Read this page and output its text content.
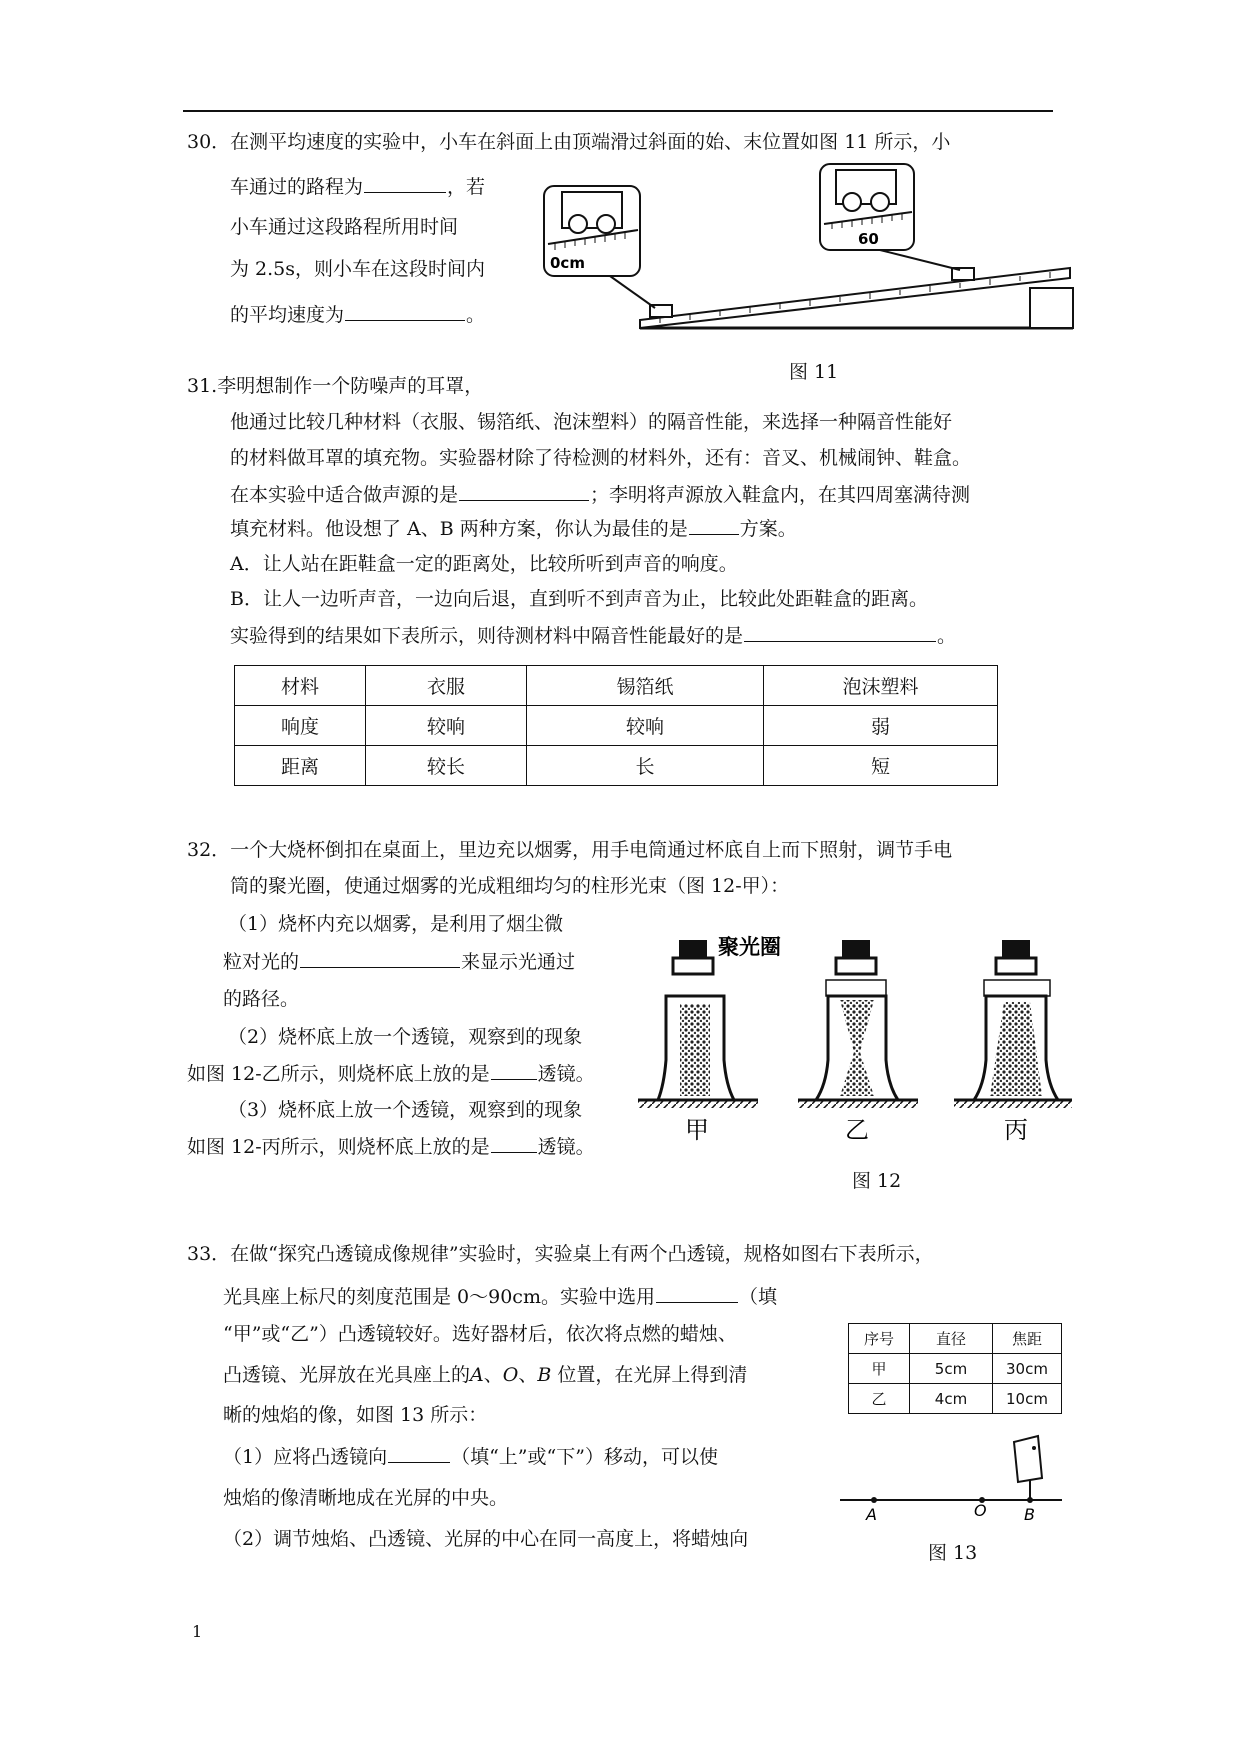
30．在测平均速度的实验中，小车在斜面上由顶端滑过斜面的始、末位置如图 11 所示，小
车通过的路程为	，若
小车通过这段路程所用时间
为 2.5s，则小车在这段时间内
的平均速度为	。
0cm
60
图 11
31.李明想制作一个防噪声的耳罩，
他通过比较几种材料（衣服、锡箔纸、泡沫塑料）的隔音性能，来选择一种隔音性能好
的材料做耳罩的填充物。实验器材除了待检测的材料外，还有：音叉、机械闹钟、鞋盒。
在本实验中适合做声源的是	；李明将声源放入鞋盒内，在其四周塞满待测
填充材料。他设想了 A、B 两种方案，你认为最佳的是	方案。
A．让人站在距鞋盒一定的距离处，比较所听到声音的响度。
B．让人一边听声音，一边向后退，直到听不到声音为止，比较此处距鞋盒的距离。
实验得到的结果如下表所示，则待测材料中隔音性能最好的是	。
材料	衣服	锡箔纸	泡沫塑料
响度	较响	较响	弱
距离	较长	长	短
32．一个大烧杯倒扣在桌面上，里边充以烟雾，用手电筒通过杯底自上而下照射，调节手电
筒的聚光圈，使通过烟雾的光成粗细均匀的柱形光束（图 12-甲）：
（1）烧杯内充以烟雾，是利用了烟尘微
粒对光的	来显示光通过
的路径。
（2）烧杯底上放一个透镜，观察到的现象
如图 12-乙所示，则烧杯底上放的是	透镜。
（3）烧杯底上放一个透镜，观察到的现象
如图 12-丙所示，则烧杯底上放的是	透镜。
聚光圈
甲	乙	丙
图 12
33．在做“探究凸透镜成像规律”实验时，实验桌上有两个凸透镜，规格如图右下表所示，
光具座上标尺的刻度范围是 0～90cm。实验中选用	（填
“甲”或“乙”）凸透镜较好。选好器材后，依次将点燃的蜡烛、
凸透镜、光屏放在光具座上的A、O、B 位置，在光屏上得到清
晰的烛焰的像，如图 13 所示：
（1）应将凸透镜向	（填“上”或“下”）移动，可以使
烛焰的像清晰地成在光屏的中央。
（2）调节烛焰、凸透镜、光屏的中心在同一高度上，将蜡烛向
序号	直径	焦距
甲	5cm	30cm
乙	4cm	10cm
A	O B
图 13
1
